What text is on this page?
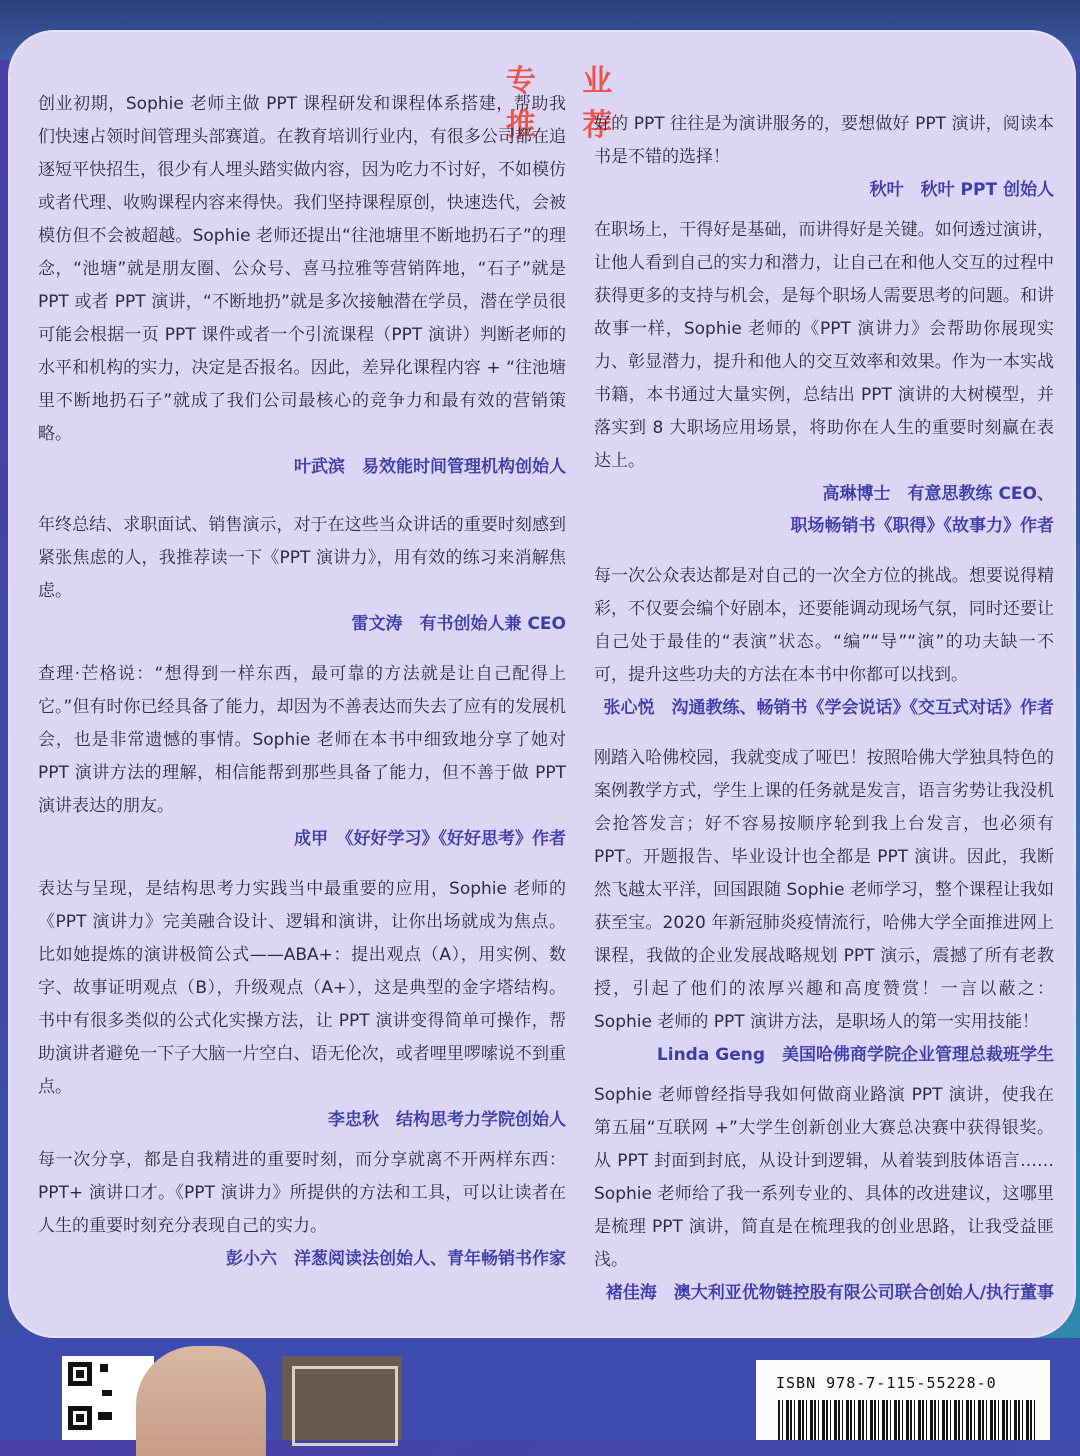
专 业 推 荐

创业初期，Sophie 老师主做 PPT 课程研发和课程体系搭建，帮助我们快速占领时间管理头部赛道。在教育培训行业内，有很多公司都在追逐短平快招生，很少有人埋头踏实做内容，因为吃力不讨好，不如模仿或者代理、收购课程内容来得快。我们坚持课程原创，快速迭代，会被模仿但不会被超越。Sophie 老师还提出“往池塘里不断地扔石子”的理念，“池塘”就是朋友圈、公众号、喜马拉雅等营销阵地，“石子”就是 PPT 或者 PPT 演讲，“不断地扔”就是多次接触潜在学员，潜在学员很可能会根据一页 PPT 课件或者一个引流课程（PPT 演讲）判断老师的水平和机构的实力，决定是否报名。因此，差异化课程内容 + “往池塘里不断地扔石子”就成了我们公司最核心的竞争力和最有效的营销策略。

叶武滨　易效能时间管理机构创始人

年终总结、求职面试、销售演示，对于在这些当众讲话的重要时刻感到紧张焦虑的人，我推荐读一下《PPT 演讲力》，用有效的练习来消解焦虑。

雷文涛　有书创始人兼 CEO

查理·芒格说：“想得到一样东西，最可靠的方法就是让自己配得上它。”但有时你已经具备了能力，却因为不善表达而失去了应有的发展机会，也是非常遗憾的事情。Sophie 老师在本书中细致地分享了她对 PPT 演讲方法的理解，相信能帮到那些具备了能力，但不善于做 PPT 演讲表达的朋友。

成甲　《好好学习》《好好思考》作者

表达与呈现，是结构思考力实践当中最重要的应用，Sophie 老师的《PPT 演讲力》完美融合设计、逻辑和演讲，让你出场就成为焦点。比如她提炼的演讲极简公式——ABA+：提出观点（A），用实例、数字、故事证明观点（B），升级观点（A+），这是典型的金字塔结构。书中有很多类似的公式化实操方法，让 PPT 演讲变得简单可操作，帮助演讲者避免一下子大脑一片空白、语无伦次，或者哩里啰嗦说不到重点。

李忠秋　结构思考力学院创始人

每一次分享，都是自我精进的重要时刻，而分享就离不开两样东西：PPT+ 演讲口才。《PPT 演讲力》所提供的方法和工具，可以让读者在人生的重要时刻充分表现自己的实力。

彭小六　洋葱阅读法创始人、青年畅销书作家

好的 PPT 往往是为演讲服务的，要想做好 PPT 演讲，阅读本书是不错的选择！

秋叶　秋叶 PPT 创始人

在职场上，干得好是基础，而讲得好是关键。如何透过演讲，让他人看到自己的实力和潜力，让自己在和他人交互的过程中获得更多的支持与机会，是每个职场人需要思考的问题。和讲故事一样，Sophie 老师的《PPT 演讲力》会帮助你展现实力、彰显潜力，提升和他人的交互效率和效果。作为一本实战书籍，本书通过大量实例，总结出 PPT 演讲的大树模型，并落实到 8 大职场应用场景，将助你在人生的重要时刻赢在表达上。

高琳博士　有意思教练 CEO、

职场畅销书《职得》《故事力》作者

每一次公众表达都是对自己的一次全方位的挑战。想要说得精彩，不仅要会编个好剧本，还要能调动现场气氛，同时还要让自己处于最佳的“表演”状态。“编”“导”“演”的功夫缺一不可，提升这些功夫的方法在本书中你都可以找到。

张心悦　沟通教练、畅销书《学会说话》《交互式对话》作者

刚踏入哈佛校园，我就变成了哑巴！按照哈佛大学独具特色的案例教学方式，学生上课的任务就是发言，语言劣势让我没机会抢答发言；好不容易按顺序轮到我上台发言，也必须有 PPT。开题报告、毕业设计也全都是 PPT 演讲。因此，我断然飞越太平洋，回国跟随 Sophie 老师学习，整个课程让我如获至宝。2020 年新冠肺炎疫情流行，哈佛大学全面推进网上课程，我做的企业发展战略规划 PPT 演示，震撼了所有老教授，引起了他们的浓厚兴趣和高度赞赏！一言以蔽之：Sophie 老师的 PPT 演讲方法，是职场人的第一实用技能！

Linda Geng　美国哈佛商学院企业管理总裁班学生

Sophie 老师曾经指导我如何做商业路演 PPT 演讲，使我在第五届“互联网 +”大学生创新创业大赛总决赛中获得银奖。从 PPT 封面到封底，从设计到逻辑，从着装到肢体语言……Sophie 老师给了我一系列专业的、具体的改进建议，这哪里是梳理 PPT 演讲，简直是在梳理我的创业思路，让我受益匪浅。

褚佳海　澳大利亚优物链控股有限公司联合创始人/执行董事

ISBN 978-7-115-55228-0
